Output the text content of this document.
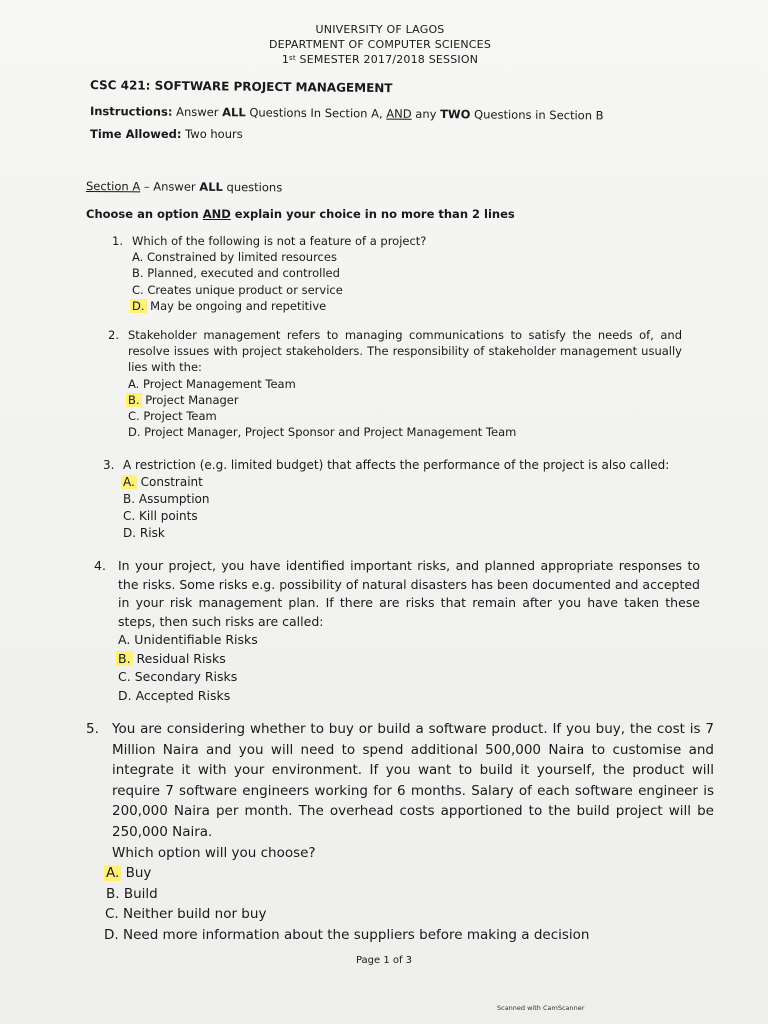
UNIVERSITY OF LAGOS
DEPARTMENT OF COMPUTER SCIENCES
1st SEMESTER 2017/2018 SESSION
CSC 421: SOFTWARE PROJECT MANAGEMENT
Instructions: Answer ALL Questions In Section A, AND any TWO Questions in Section B
Time Allowed: Two hours
Section A – Answer ALL questions
Choose an option AND explain your choice in no more than 2 lines
1. Which of the following is not a feature of a project?
A. Constrained by limited resources
B. Planned, executed and controlled
C. Creates unique product or service
D. May be ongoing and repetitive
2. Stakeholder management refers to managing communications to satisfy the needs of, and resolve issues with project stakeholders. The responsibility of stakeholder management usually lies with the:
A. Project Management Team
B. Project Manager
C. Project Team
D. Project Manager, Project Sponsor and Project Management Team
3. A restriction (e.g. limited budget) that affects the performance of the project is also called:
A. Constraint
B. Assumption
C. Kill points
D. Risk
4. In your project, you have identified important risks, and planned appropriate responses to the risks. Some risks e.g. possibility of natural disasters has been documented and accepted in your risk management plan. If there are risks that remain after you have taken these steps, then such risks are called:
A. Unidentifiable Risks
B. Residual Risks
C. Secondary Risks
D. Accepted Risks
5. You are considering whether to buy or build a software product. If you buy, the cost is 7 Million Naira and you will need to spend additional 500,000 Naira to customise and integrate it with your environment. If you want to build it yourself, the product will require 7 software engineers working for 6 months. Salary of each software engineer is 200,000 Naira per month. The overhead costs apportioned to the build project will be 250,000 Naira.
Which option will you choose?
A. Buy
B. Build
C. Neither build nor buy
D. Need more information about the suppliers before making a decision
Page 1 of 3
Scanned with CamScanner
